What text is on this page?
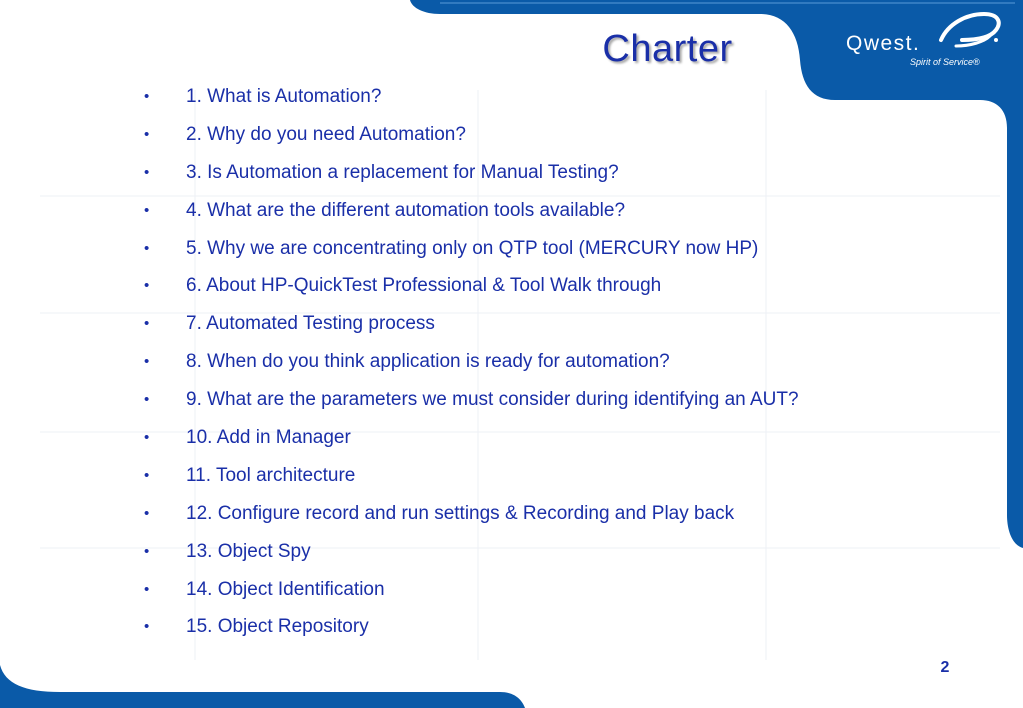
Charter	Qwest.
Spirit of Service®
• 1. What is Automation?
• 2. Why do you need Automation?
• 3. Is Automation a replacement for Manual Testing?
• 4. What are the different automation tools available?
• 5. Why we are concentrating only on QTP tool (MERCURY now HP)
• 6. About HP-QuickTest Professional & Tool Walk through
• 7. Automated Testing process
• 8. When do you think application is ready for automation?
• 9. What are the parameters we must consider during identifying an AUT?
• 10. Add in Manager
• 11. Tool architecture
• 12. Configure record and run settings & Recording and Play back
• 13. Object Spy
• 14. Object Identification
• 15. Object Repository
2
